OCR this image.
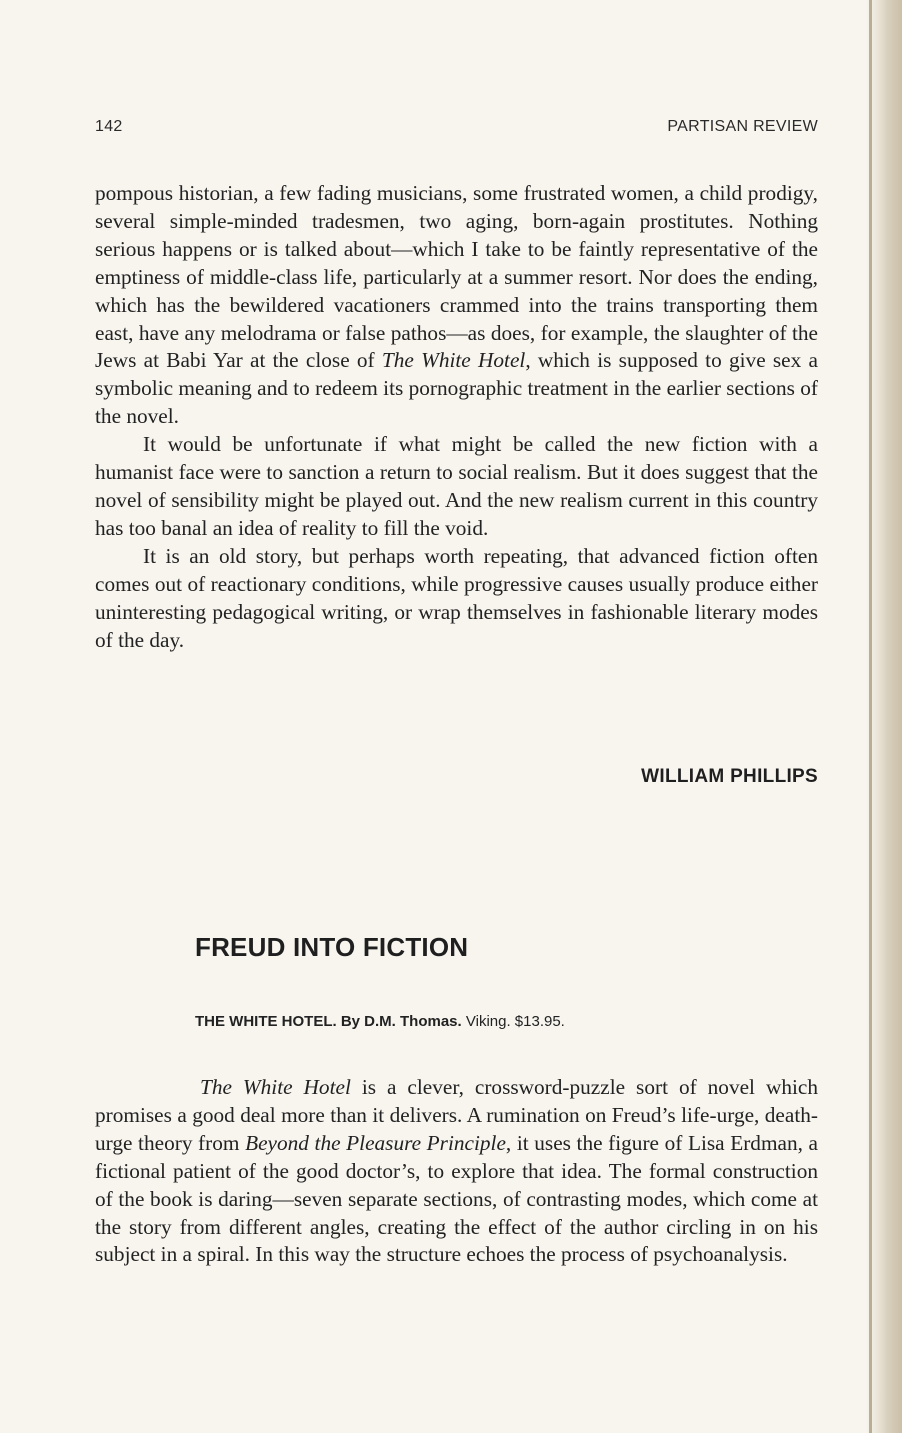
142	PARTISAN REVIEW

pompous historian, a few fading musicians, some frustrated women, a child prodigy, several simple-minded tradesmen, two aging, born-again prostitutes. Nothing serious happens or is talked about—which I take to be faintly representative of the emptiness of middle-class life, particularly at a summer resort. Nor does the ending, which has the bewildered vacationers crammed into the trains transporting them east, have any melodrama or false pathos—as does, for example, the slaughter of the Jews at Babi Yar at the close of The White Hotel, which is supposed to give sex a symbolic meaning and to redeem its pornographic treatment in the earlier sections of the novel.

It would be unfortunate if what might be called the new fiction with a humanist face were to sanction a return to social realism. But it does suggest that the novel of sensibility might be played out. And the new realism current in this country has too banal an idea of reality to fill the void.

It is an old story, but perhaps worth repeating, that advanced fiction often comes out of reactionary conditions, while progressive causes usually produce either uninteresting pedagogical writing, or wrap themselves in fashionable literary modes of the day.

WILLIAM PHILLIPS
FREUD INTO FICTION
THE WHITE HOTEL. By D.M. Thomas. Viking. $13.95.

The White Hotel is a clever, crossword-puzzle sort of novel which promises a good deal more than it delivers. A rumination on Freud’s life-urge, death-urge theory from Beyond the Pleasure Principle, it uses the figure of Lisa Erdman, a fictional patient of the good doctor’s, to explore that idea. The formal construction of the book is daring—seven separate sections, of contrasting modes, which come at the story from different angles, creating the effect of the author circling in on his subject in a spiral. In this way the structure echoes the process of psychoanalysis.
